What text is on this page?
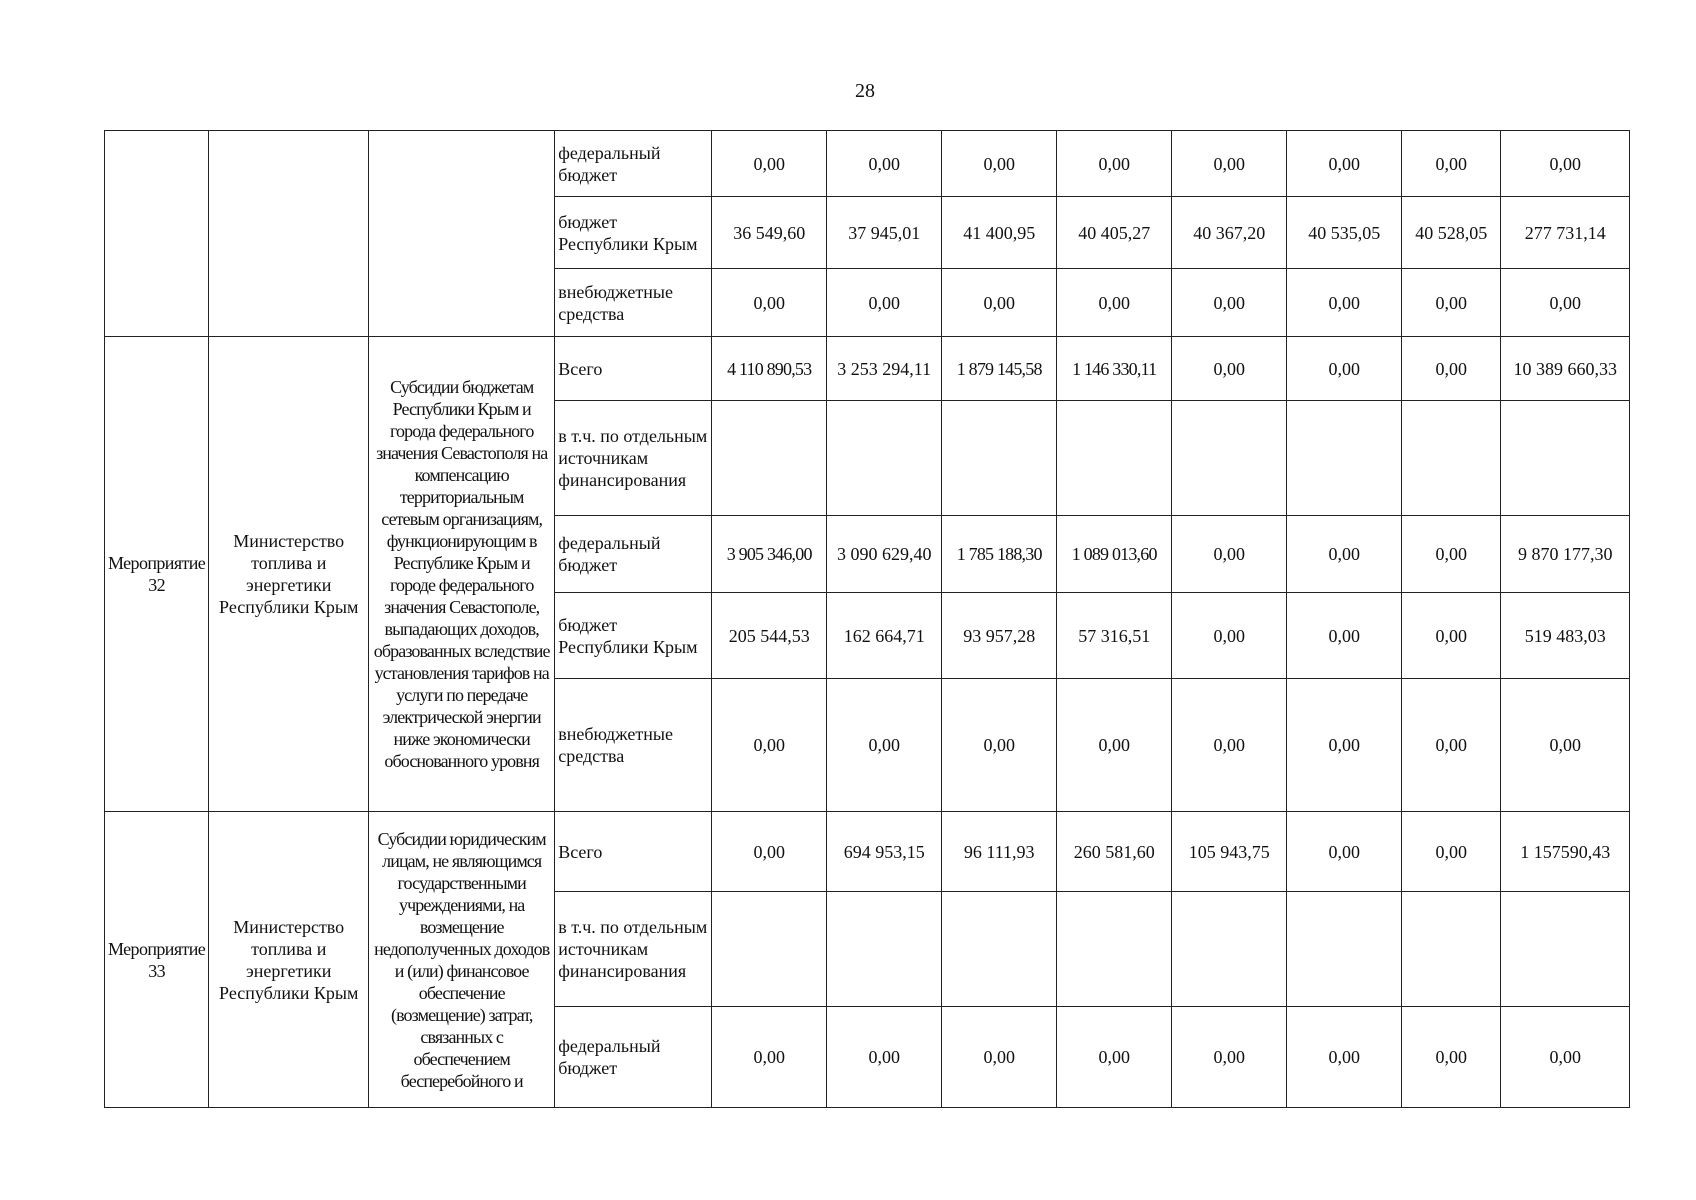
28
			федеральный бюджет	0,00	0,00	0,00	0,00	0,00	0,00	0,00	0,00
			бюджет Республики Крым	36 549,60	37 945,01	41 400,95	40 405,27	40 367,20	40 535,05	40 528,05	277 731,14
			внебюджетные средства	0,00	0,00	0,00	0,00	0,00	0,00	0,00	0,00
Мероприятие 32	Министерство топлива и энергетики Республики Крым	Субсидии бюджетам Республики Крым и города федерального значения Севастополя на компенсацию территориальным сетевым организациям, функционирующим в Республике Крым и городе федерального значения Севастополе, выпадающих доходов, образованных вследствие установления тарифов на услуги по передаче электрической энергии ниже экономически обоснованного уровня	Всего	4 110 890,53	3 253 294,11	1 879 145,58	1 146 330,11	0,00	0,00	0,00	10 389 660,33
			в т.ч. по отдельным источникам финансирования								
			федеральный бюджет	3 905 346,00	3 090 629,40	1 785 188,30	1 089 013,60	0,00	0,00	0,00	9 870 177,30
			бюджет Республики Крым	205 544,53	162 664,71	93 957,28	57 316,51	0,00	0,00	0,00	519 483,03
			внебюджетные средства	0,00	0,00	0,00	0,00	0,00	0,00	0,00	0,00
Мероприятие 33	Министерство топлива и энергетики Республики Крым	Субсидии юридическим лицам, не являющимся государственными учреждениями, на возмещение недополученных доходов и (или) финансовое обеспечение (возмещение) затрат, связанных с обеспечением бесперебойного и	Всего	0,00	694 953,15	96 111,93	260 581,60	105 943,75	0,00	0,00	1 157590,43
			в т.ч. по отдельным источникам финансирования								
			федеральный бюджет	0,00	0,00	0,00	0,00	0,00	0,00	0,00	0,00
